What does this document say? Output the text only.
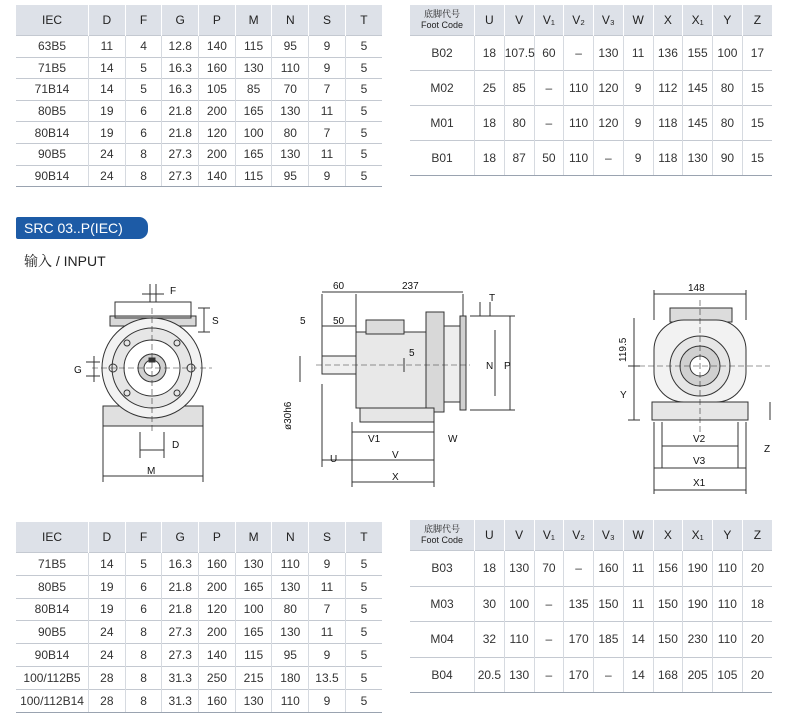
IEC	D	F	G	P	M	N	S	T
63B5	11	4	12.8	140	115	95	9	5
71B5	14	5	16.3	160	130	110	9	5
71B14	14	5	16.3	105	85	70	7	5
80B5	19	6	21.8	200	165	130	11	5
80B14	19	6	21.8	120	100	80	7	5
90B5	24	8	27.3	200	165	130	11	5
90B14	24	8	27.3	140	115	95	9	5
底脚代号
Foot Code	U	V	V₁	V₂	V₃	W	X	X₁	Y	Z
B02	18	107.5	60	–	130	11	136	155	100	17
M02	25	85	–	110	120	9	112	145	80	15
M01	18	80	–	110	120	9	118	145	80	15
B01	18	87	50	110	–	9	118	130	90	15
SRC 03..P(IEC)
输入 / INPUT
F
S
G
D
M
60	237
5	50
T
5
N P
ø30h6
V1	W
U	V
X
148
119.5
Y
V2
Z
V3
X1
IEC	D	F	G	P	M	N	S	T
71B5	14	5	16.3	160	130	110	9	5
80B5	19	6	21.8	200	165	130	11	5
80B14	19	6	21.8	120	100	80	7	5
90B5	24	8	27.3	200	165	130	11	5
90B14	24	8	27.3	140	115	95	9	5
100/112B5	28	8	31.3	250	215	180	13.5	5
100/112B14	28	8	31.3	160	130	110	9	5
底脚代号
Foot Code	U	V	V₁	V₂	V₃	W	X	X₁	Y	Z
B03	18	130	70	–	160	11	156	190	110	20
M03	30	100	–	135	150	11	150	190	110	18
M04	32	110	–	170	185	14	150	230	110	20
B04	20.5	130	–	170	–	14	168	205	105	20
